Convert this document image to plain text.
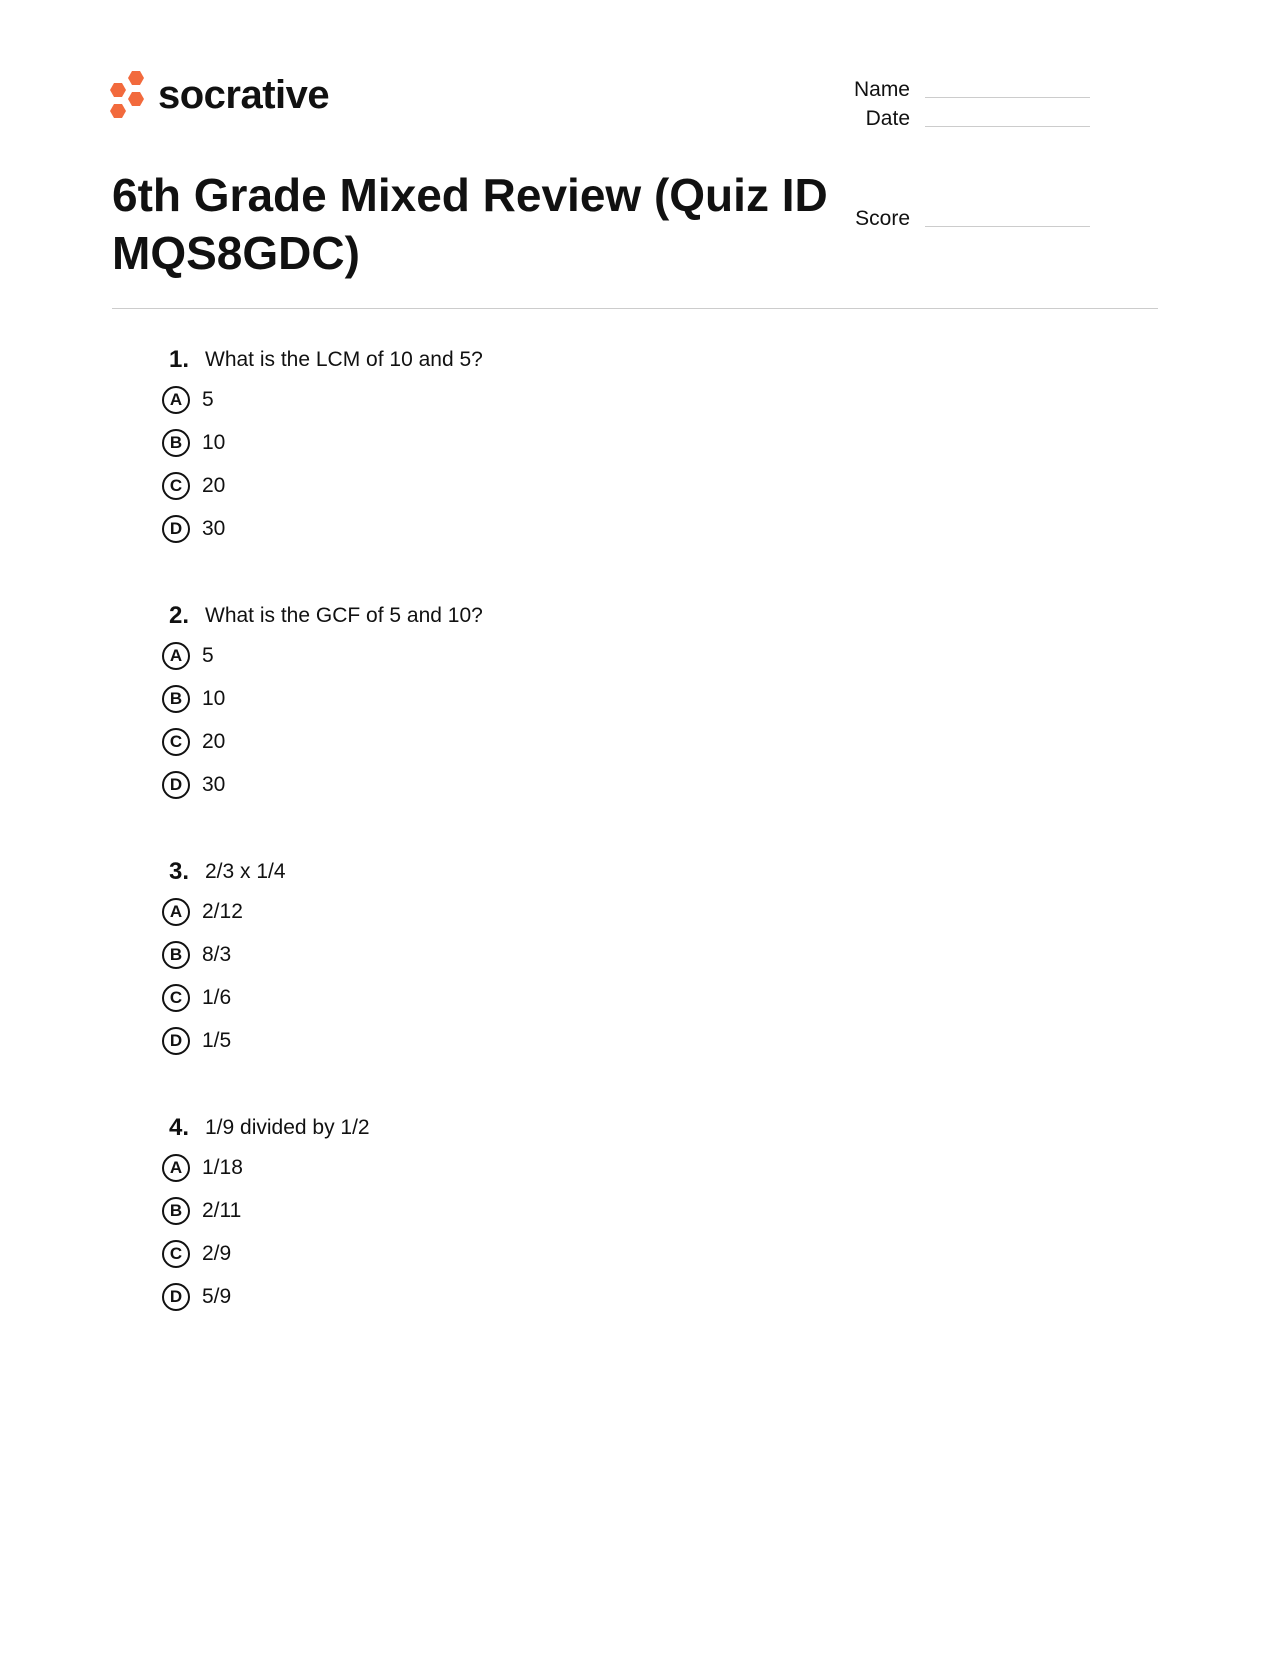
socrative	Name
Date
Score
6th Grade Mixed Review (Quiz ID MQS8GDC)
1. What is the LCM of 10 and 5?
A 5
B 10
C 20
D 30
2. What is the GCF of 5 and 10?
A 5
B 10
C 20
D 30
3. 2/3 x 1/4
A 2/12
B 8/3
C 1/6
D 1/5
4. 1/9 divided by 1/2
A 1/18
B 2/11
C 2/9
D 5/9
